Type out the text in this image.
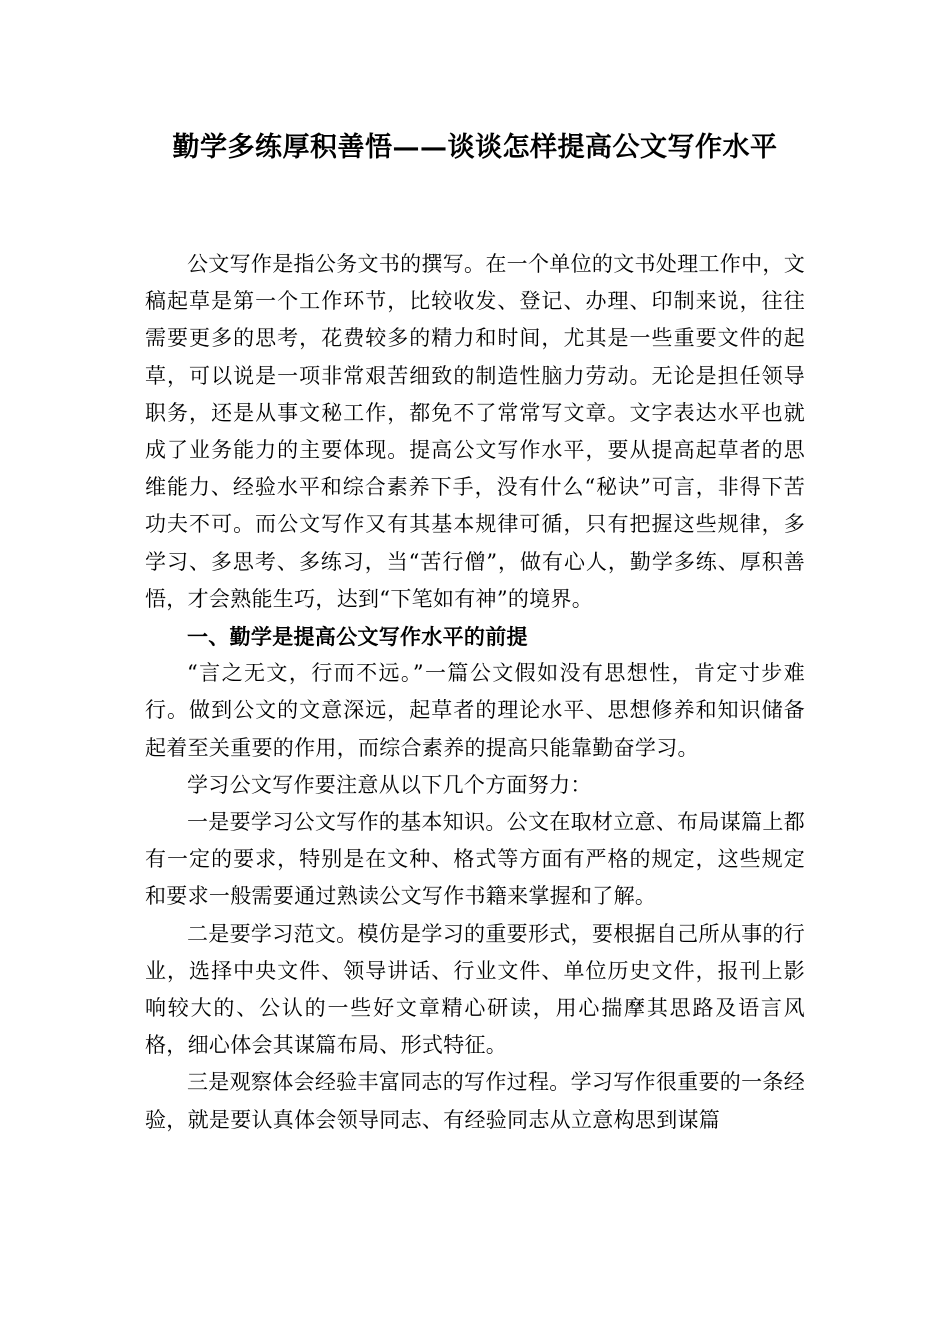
勤学多练厚积善悟——谈谈怎样提高公文写作水平

公文写作是指公务文书的撰写。在一个单位的文书处理工作中，文稿起草是第一个工作环节，比较收发、登记、办理、印制来说，往往需要更多的思考，花费较多的精力和时间，尤其是一些重要文件的起草，可以说是一项非常艰苦细致的制造性脑力劳动。无论是担任领导职务，还是从事文秘工作，都免不了常常写文章。文字表达水平也就成了业务能力的主要体现。提高公文写作水平，要从提高起草者的思维能力、经验水平和综合素养下手，没有什么“秘诀”可言，非得下苦功夫不可。而公文写作又有其基本规律可循，只有把握这些规律，多学习、多思考、多练习，当“苦行僧”，做有心人，勤学多练、厚积善悟，才会熟能生巧，达到“下笔如有神”的境界。

一、勤学是提高公文写作水平的前提

“言之无文，行而不远。”一篇公文假如没有思想性，肯定寸步难行。做到公文的文意深远，起草者的理论水平、思想修养和知识储备起着至关重要的作用，而综合素养的提高只能靠勤奋学习。

学习公文写作要注意从以下几个方面努力：

一是要学习公文写作的基本知识。公文在取材立意、布局谋篇上都有一定的要求，特别是在文种、格式等方面有严格的规定，这些规定和要求一般需要通过熟读公文写作书籍来掌握和了解。

二是要学习范文。模仿是学习的重要形式，要根据自己所从事的行业，选择中央文件、领导讲话、行业文件、单位历史文件，报刊上影响较大的、公认的一些好文章精心研读，用心揣摩其思路及语言风格，细心体会其谋篇布局、形式特征。

三是观察体会经验丰富同志的写作过程。学习写作很重要的一条经验，就是要认真体会领导同志、有经验同志从立意构思到谋篇
